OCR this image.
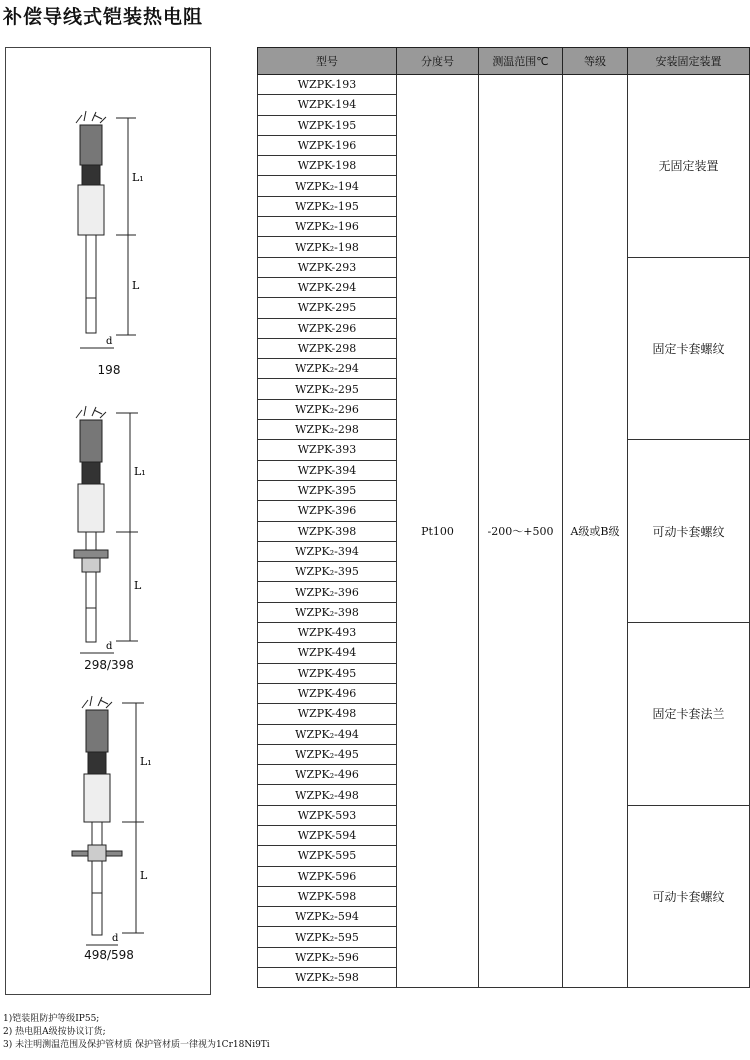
补偿导线式铠装热电阻
L₁
L
d
198
L₁
L
d
298/398
L₁
L
d
498/598
型号	分度号	测温范围℃	等级	安装固定装置
WZPK-193	Pt100	-200～+500	A级或B级	无固定装置
WZPK-194				
WZPK-195				
WZPK-196				
WZPK-198				
WZPK₂-194				
WZPK₂-195				
WZPK₂-196				
WZPK₂-198				
WZPK-293				固定卡套螺纹
WZPK-294				
WZPK-295				
WZPK-296				
WZPK-298				
WZPK₂-294				
WZPK₂-295				
WZPK₂-296				
WZPK₂-298				
WZPK-393				可动卡套螺纹
WZPK-394				
WZPK-395				
WZPK-396				
WZPK-398				
WZPK₂-394				
WZPK₂-395				
WZPK₂-396				
WZPK₂-398				
WZPK-493				固定卡套法兰
WZPK-494				
WZPK-495				
WZPK-496				
WZPK-498				
WZPK₂-494				
WZPK₂-495				
WZPK₂-496				
WZPK₂-498				
WZPK-593				可动卡套螺纹
WZPK-594				
WZPK-595				
WZPK-596				
WZPK-598				
WZPK₂-594				
WZPK₂-595				
WZPK₂-596				
WZPK₂-598				
1)铠装阻防护等级IP55;
2) 热电阻A级按协议订货;
3) 未注明测温范围及保护管材质 保护管材质一律视为1Cr18Ni9Ti
